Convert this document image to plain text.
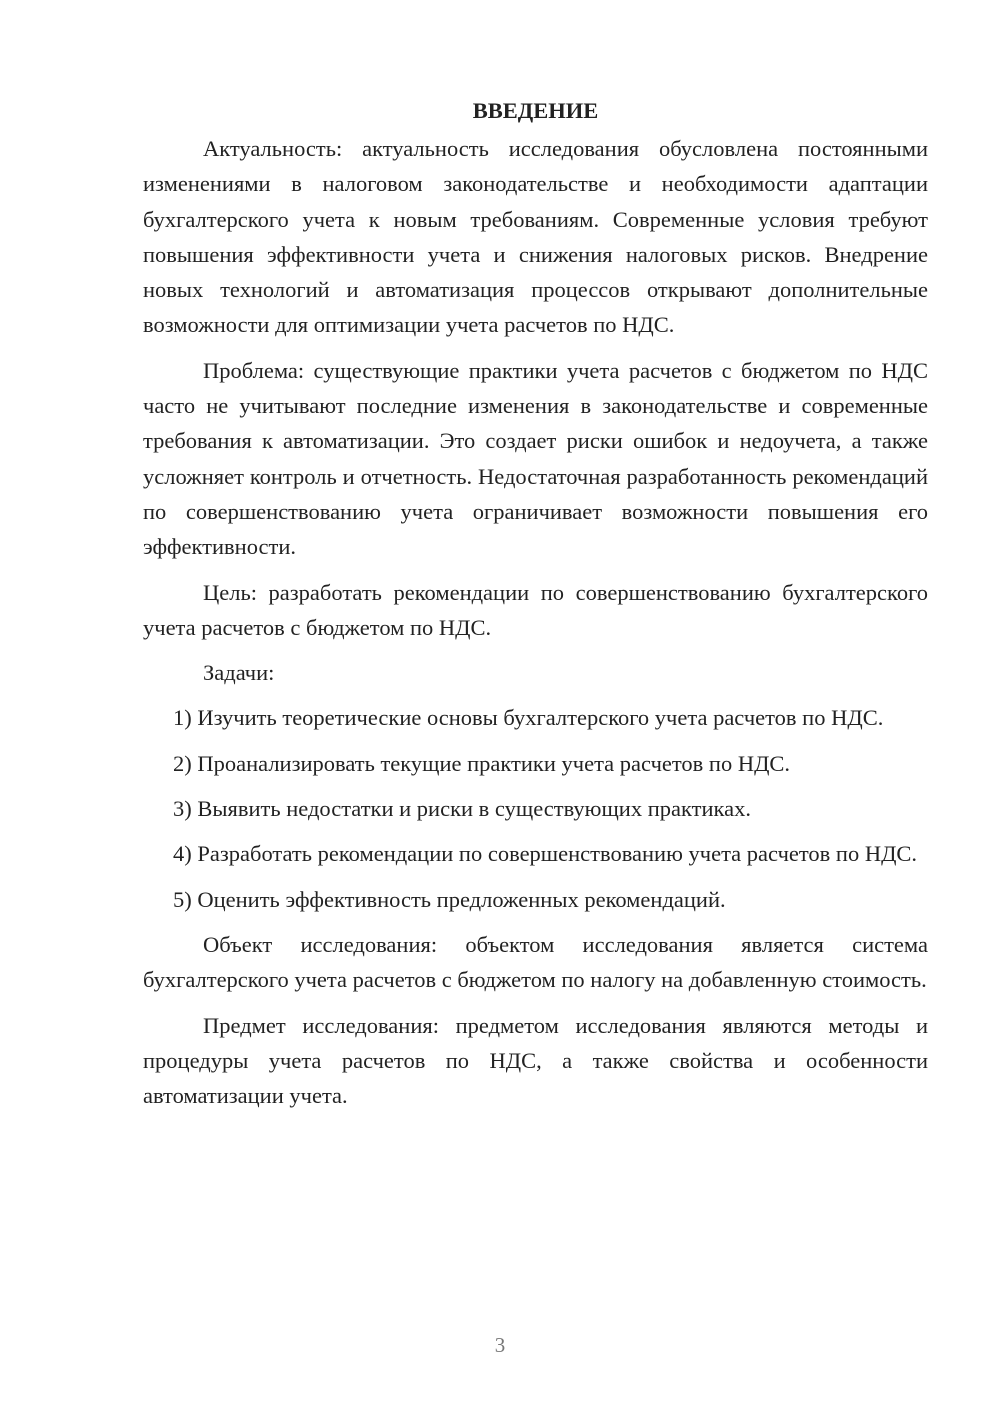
ВВЕДЕНИЕ

Актуальность: актуальность исследования обусловлена постоянными изменениями в налоговом законодательстве и необходимости адаптации бухгалтерского учета к новым требованиям. Современные условия требуют повышения эффективности учета и снижения налоговых рисков. Внедрение новых технологий и автоматизация процессов открывают дополнительные возможности для оптимизации учета расчетов по НДС.

Проблема: существующие практики учета расчетов с бюджетом по НДС часто не учитывают последние изменения в законодательстве и современные требования к автоматизации. Это создает риски ошибок и недоучета, а также усложняет контроль и отчетность. Недостаточная разработанность рекомендаций по совершенствованию учета ограничивает возможности повышения его эффективности.

Цель: разработать рекомендации по совершенствованию бухгалтерского учета расчетов с бюджетом по НДС.

Задачи:

1) Изучить теоретические основы бухгалтерского учета расчетов по НДС.

2) Проанализировать текущие практики учета расчетов по НДС.

3) Выявить недостатки и риски в существующих практиках.

4) Разработать рекомендации по совершенствованию учета расчетов по НДС.

5) Оценить эффективность предложенных рекомендаций.

Объект исследования: объектом исследования является система бухгалтерского учета расчетов с бюджетом по налогу на добавленную стоимость.

Предмет исследования: предметом исследования являются методы и процедуры учета расчетов по НДС, а также свойства и особенности автоматизации учета.

3
